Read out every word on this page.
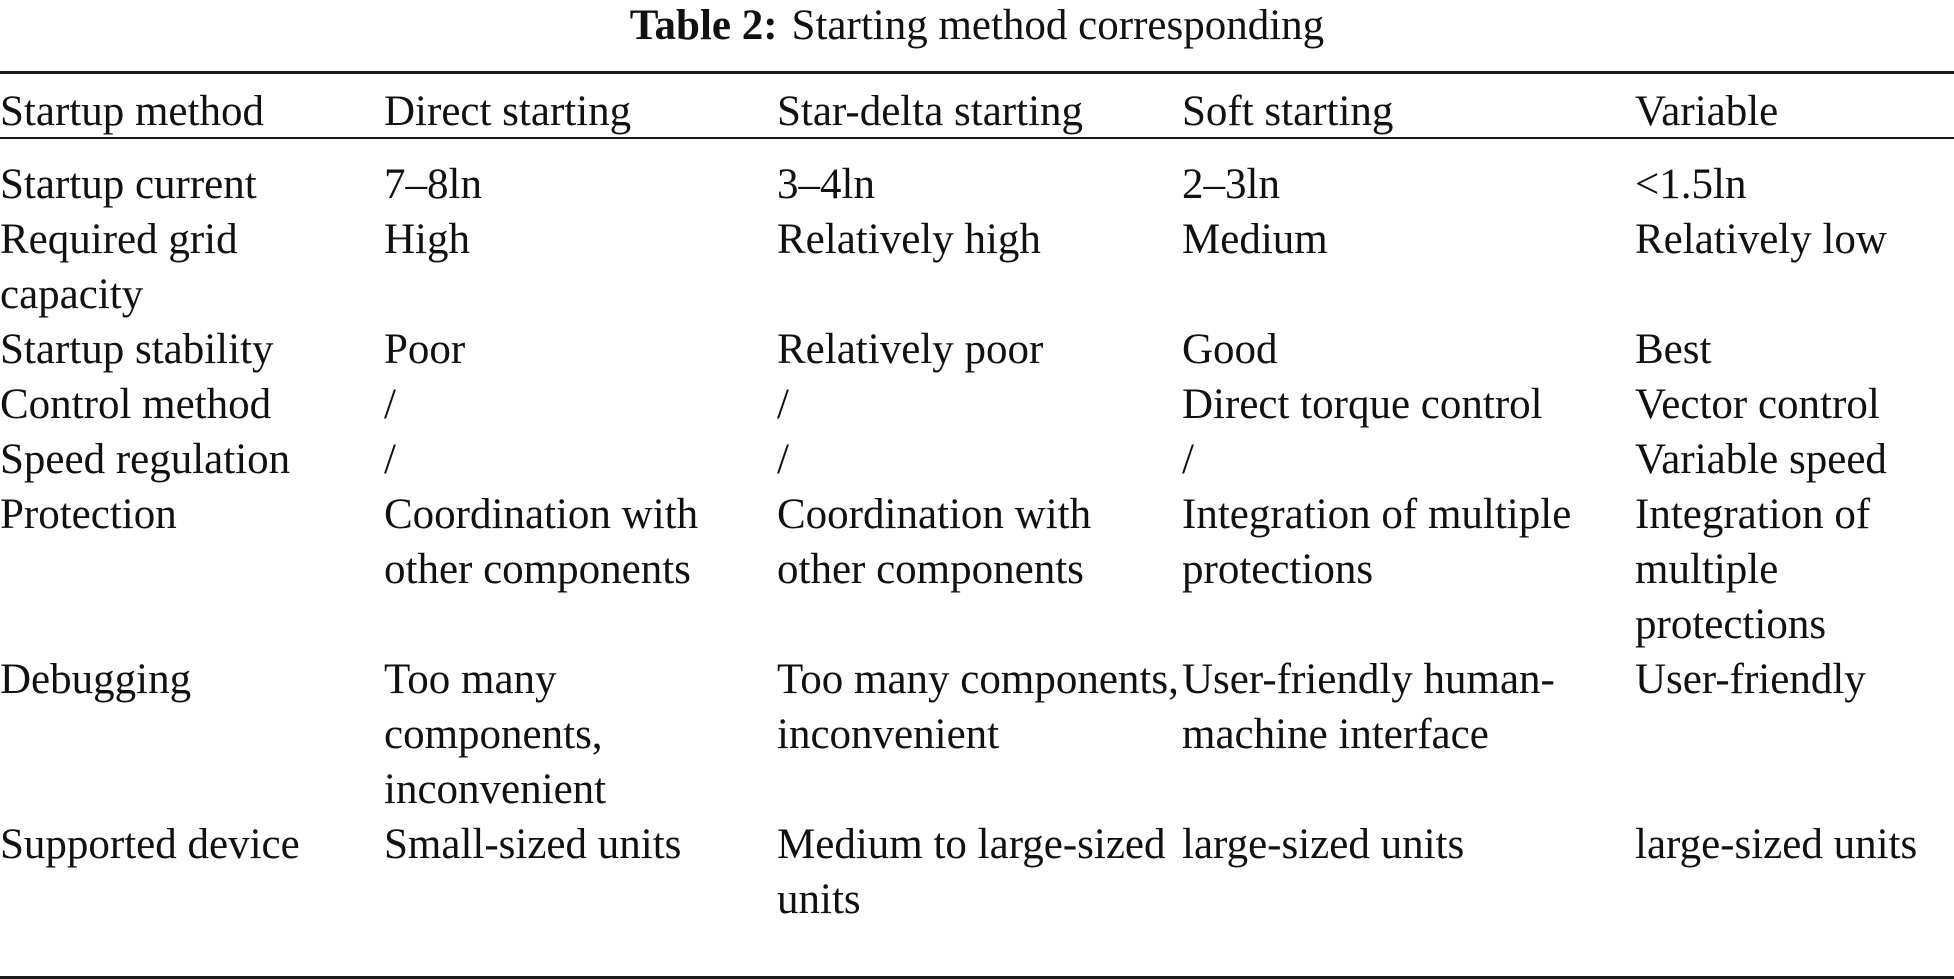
Table 2: Starting method corresponding
Startup method	Direct starting	Star-delta starting	Soft starting	Variable
Startup current	7–8ln	3–4ln	2–3ln	<1.5ln
Required grid capacity	High	Relatively high	Medium	Relatively low
Startup stability	Poor	Relatively poor	Good	Best
Control method	/	/	Direct torque control	Vector control
Speed regulation	/	/	/	Variable speed
Protection	Coordination with other components	Coordination with other components	Integration of multiple protections	Integration of multiple protections
Debugging	Too many components, inconvenient	Too many components, inconvenient	User-friendly human-machine interface	User-friendly
Supported device	Small-sized units	Medium to large-sized units	large-sized units	large-sized units
